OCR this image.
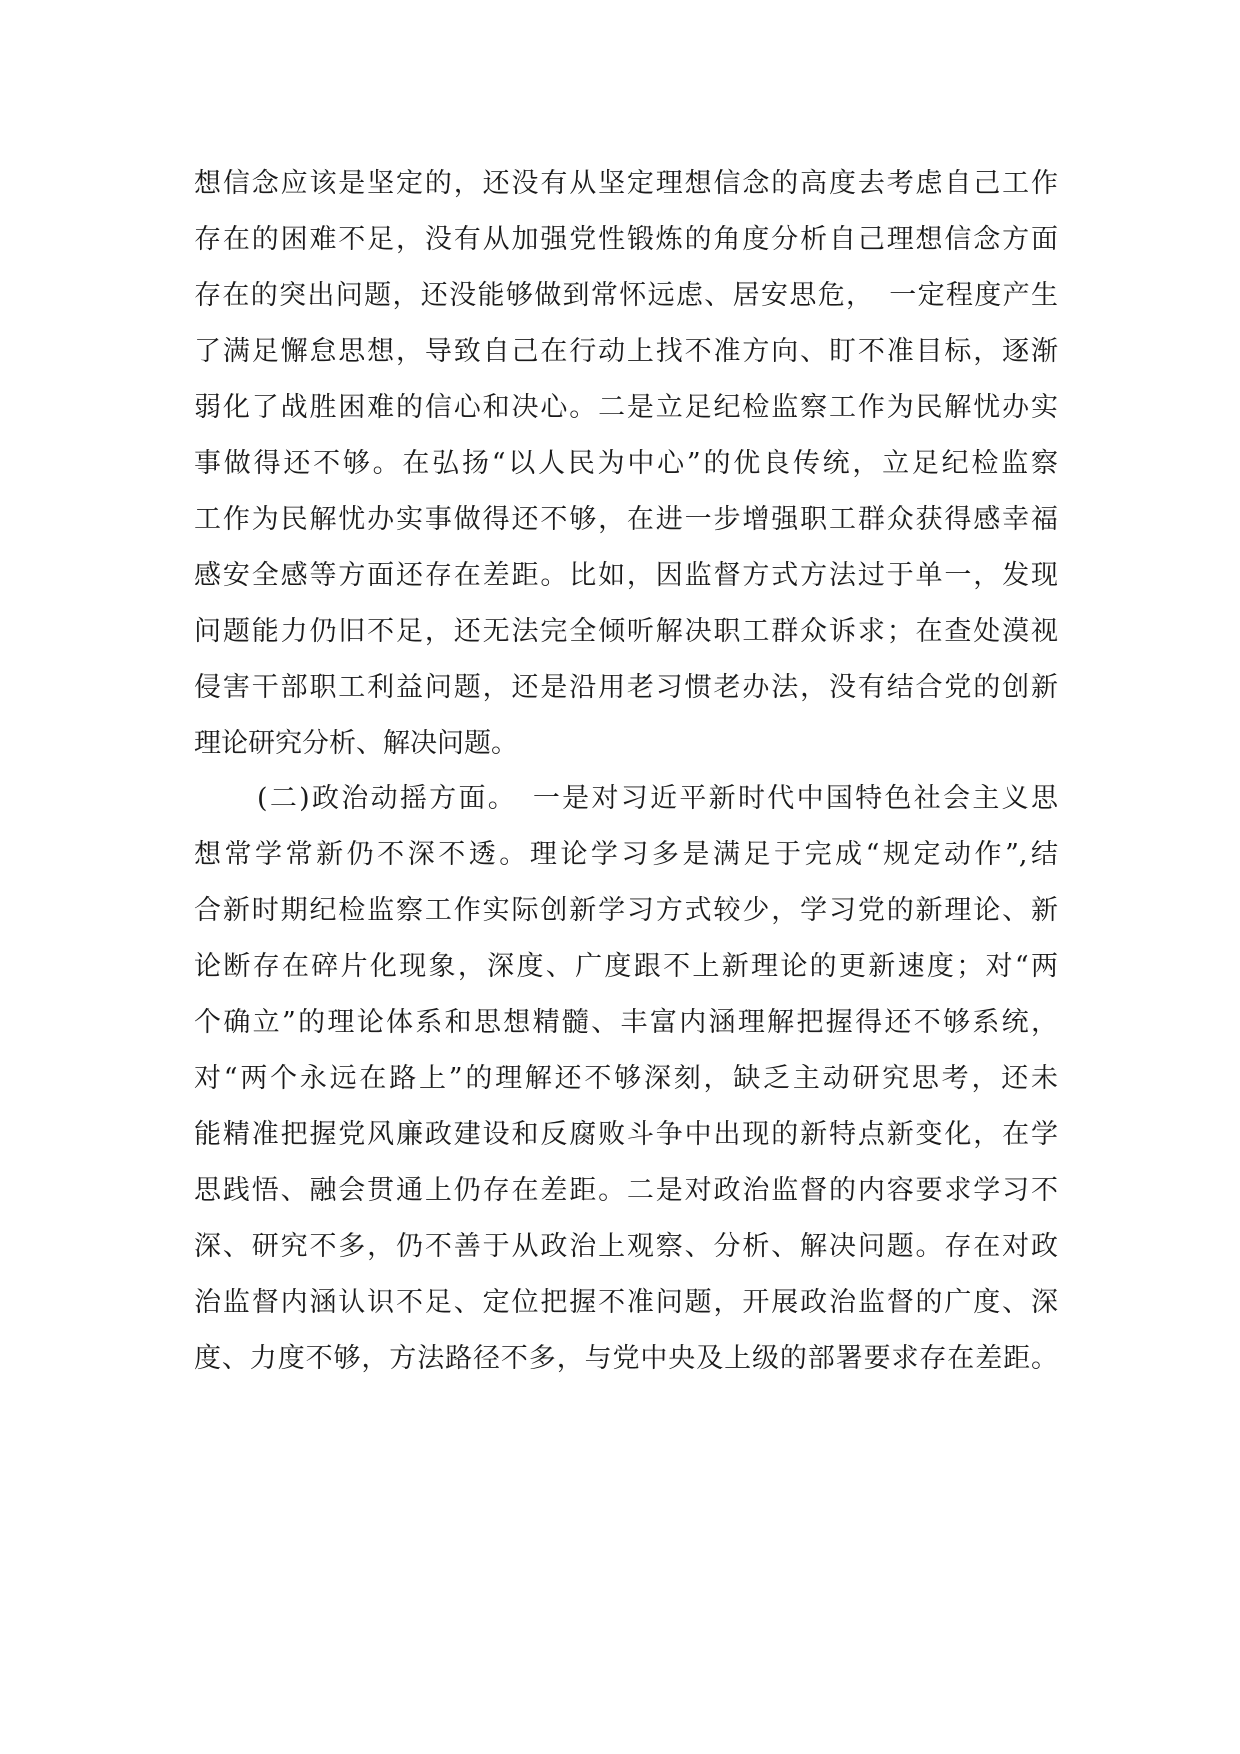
想信念应该是坚定的，还没有从坚定理想信念的高度去考虑自己工作
存在的困难不足，没有从加强党性锻炼的角度分析自己理想信念方面
存在的突出问题，还没能够做到常怀远虑、居安思危，　一定程度产生
了满足懈怠思想，导致自己在行动上找不准方向、盯不准目标，逐渐
弱化了战胜困难的信心和决心。二是立足纪检监察工作为民解忧办实
事做得还不够。在弘扬“以人民为中心”的优良传统，立足纪检监察
工作为民解忧办实事做得还不够，在进一步增强职工群众获得感幸福
感安全感等方面还存在差距。比如，因监督方式方法过于单一，发现
问题能力仍旧不足，还无法完全倾听解决职工群众诉求；在查处漠视
侵害干部职工利益问题，还是沿用老习惯老办法，没有结合党的创新
理论研究分析、解决问题。
(二)政治动摇方面。　一是对习近平新时代中国特色社会主义思
想常学常新仍不深不透。理论学习多是满足于完成“规定动作”,结
合新时期纪检监察工作实际创新学习方式较少，学习党的新理论、新
论断存在碎片化现象，深度、广度跟不上新理论的更新速度；对“两
个确立”的理论体系和思想精髓、丰富内涵理解把握得还不够系统，
对“两个永远在路上”的理解还不够深刻，缺乏主动研究思考，还未
能精准把握党风廉政建设和反腐败斗争中出现的新特点新变化，在学
思践悟、融会贯通上仍存在差距。二是对政治监督的内容要求学习不
深、研究不多，仍不善于从政治上观察、分析、解决问题。存在对政
治监督内涵认识不足、定位把握不准问题，开展政治监督的广度、深
度、力度不够，方法路径不多，与党中央及上级的部署要求存在差距。
